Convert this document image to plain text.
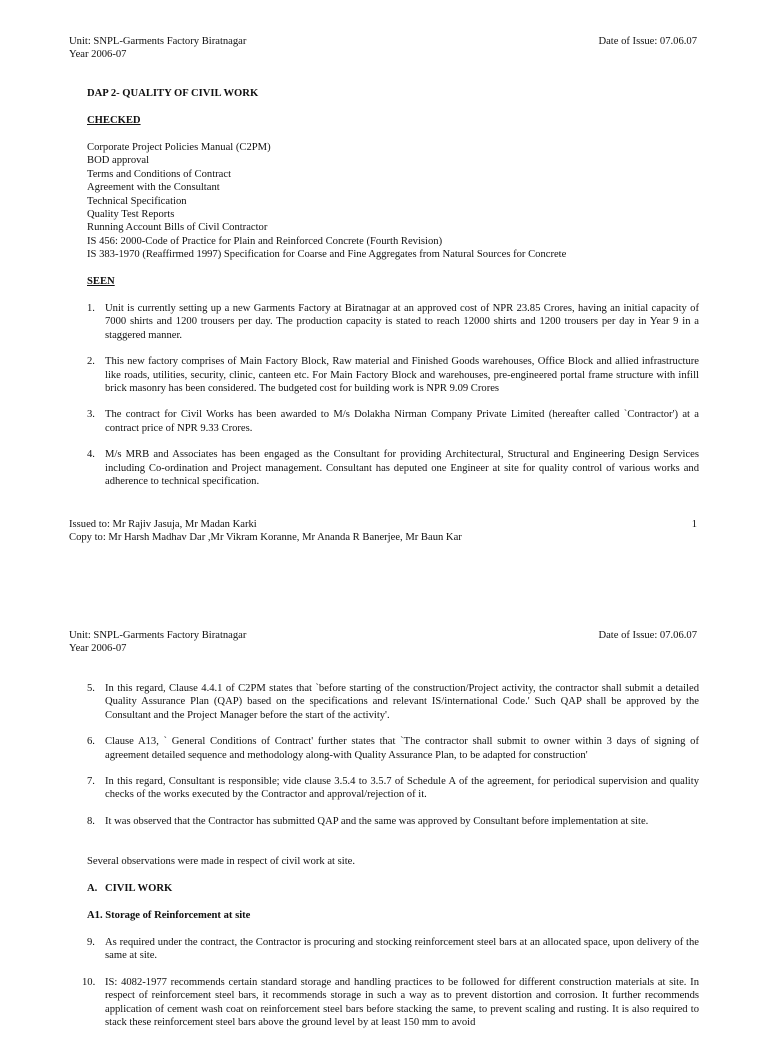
Unit: SNPL-Garments Factory Biratnagar
Year 2006-07
Date of Issue: 07.06.07
DAP 2- QUALITY OF CIVIL WORK
CHECKED
Corporate Project Policies Manual (C2PM)
BOD approval
Terms and Conditions of Contract
Agreement with the Consultant
Technical Specification
Quality Test Reports
Running Account Bills of Civil Contractor
IS 456: 2000-Code of Practice for Plain and Reinforced Concrete (Fourth Revision)
IS 383-1970 (Reaffirmed 1997) Specification for Coarse and Fine Aggregates from Natural Sources for Concrete
SEEN
1. Unit is currently setting up a new Garments Factory at Biratnagar at an approved cost of NPR 23.85 Crores, having an initial capacity of 7000 shirts and 1200 trousers per day. The production capacity is stated to reach 12000 shirts and 1200 trousers per day in Year 9 in a staggered manner.
2. This new factory comprises of Main Factory Block, Raw material and Finished Goods warehouses, Office Block and allied infrastructure like roads, utilities, security, clinic, canteen etc. For Main Factory Block and warehouses, pre-engineered portal frame structure with infill brick masonry has been considered. The budgeted cost for building work is NPR 9.09 Crores
3. The contract for Civil Works has been awarded to M/s Dolakha Nirman Company Private Limited (hereafter called `Contractor') at a contract price of NPR 9.33 Crores.
4. M/s MRB and Associates has been engaged as the Consultant for providing Architectural, Structural and Engineering Design Services including Co-ordination and Project management. Consultant has deputed one Engineer at site for quality control of various works and adherence to technical specification.
Issued to: Mr Rajiv Jasuja, Mr Madan Karki
Copy to: Mr Harsh Madhav Dar ,Mr Vikram Koranne, Mr Ananda R Banerjee, Mr Baun Kar
1
Unit: SNPL-Garments Factory Biratnagar
Year 2006-07
Date of Issue: 07.06.07
5. In this regard, Clause 4.4.1 of C2PM states that `before starting of the construction/Project activity, the contractor shall submit a detailed Quality Assurance Plan (QAP) based on the specifications and relevant IS/international Code.' Such QAP shall be approved by the Consultant and the Project Manager before the start of the activity'.
6. Clause A13, ` General Conditions of Contract' further states that `The contractor shall submit to owner within 3 days of signing of agreement detailed sequence and methodology along-with Quality Assurance Plan, to be adapted for construction'
7. In this regard, Consultant is responsible; vide clause 3.5.4 to 3.5.7 of Schedule A of the agreement, for periodical supervision and quality checks of the works executed by the Contractor and approval/rejection of it.
8. It was observed that the Contractor has submitted QAP and the same was approved by Consultant before implementation at site.
Several observations were made in respect of civil work at site.
A. CIVIL WORK
A1. Storage of Reinforcement at site
9. As required under the contract, the Contractor is procuring and stocking reinforcement steel bars at an allocated space, upon delivery of the same at site.
10. IS: 4082-1977 recommends certain standard storage and handling practices to be followed for different construction materials at site. In respect of reinforcement steel bars, it recommends storage in such a way as to prevent distortion and corrosion. It further recommends application of cement wash coat on reinforcement steel bars before stacking the same, to prevent scaling and rusting. It is also required to stack these reinforcement steel bars above the ground level by at least 150 mm to avoid
